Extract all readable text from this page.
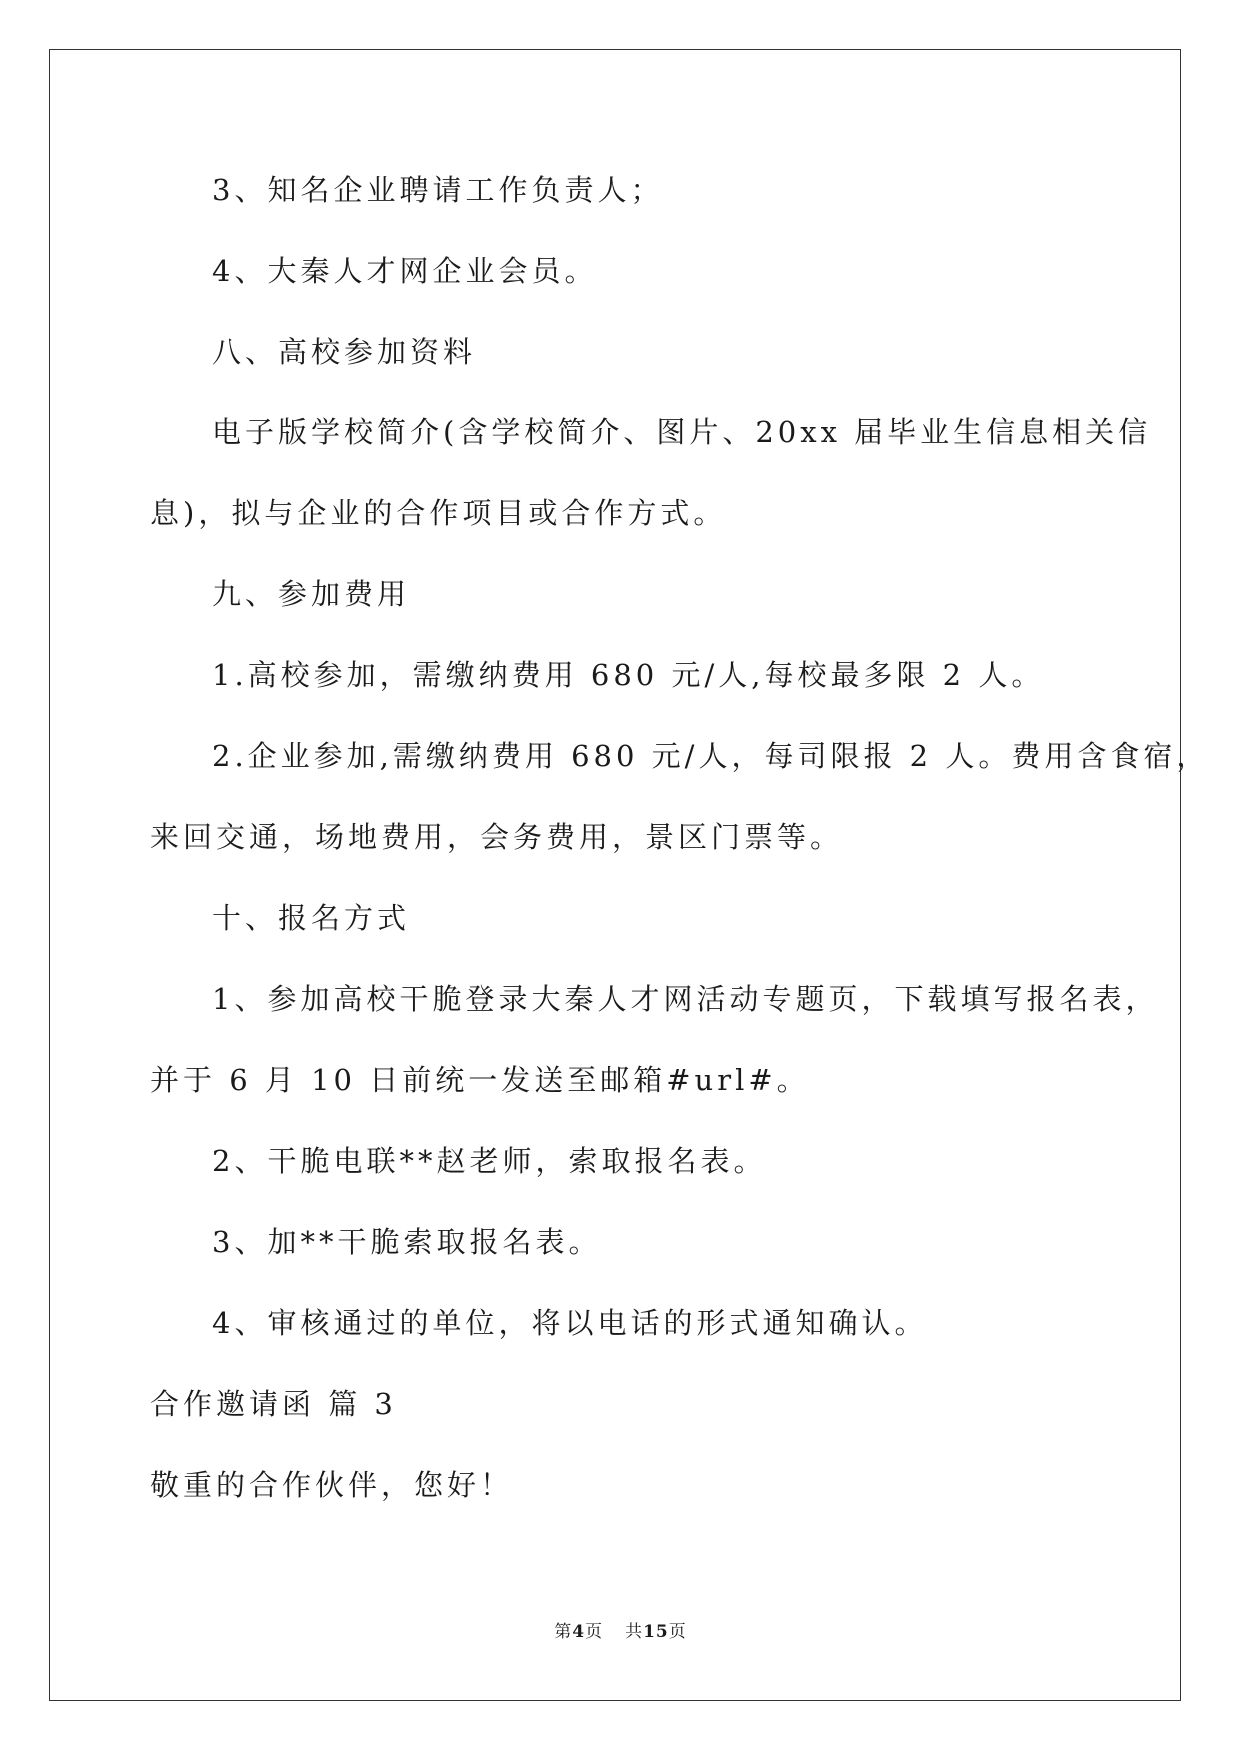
3、知名企业聘请工作负责人；
4、大秦人才网企业会员。
八、高校参加资料
电子版学校简介(含学校简介、图片、20xx 届毕业生信息相关信
息)，拟与企业的合作项目或合作方式。
九、参加费用
1.高校参加，需缴纳费用 680 元/人,每校最多限 2 人。
2.企业参加,需缴纳费用 680 元/人，每司限报 2 人。费用含食宿，
来回交通，场地费用，会务费用，景区门票等。
十、报名方式
1、参加高校干脆登录大秦人才网活动专题页，下载填写报名表，
并于 6 月 10 日前统一发送至邮箱#url#。
2、干脆电联**赵老师，索取报名表。
3、加**干脆索取报名表。
4、审核通过的单位，将以电话的形式通知确认。
合作邀请函 篇 3
敬重的合作伙伴，您好！
第4页 共15页
